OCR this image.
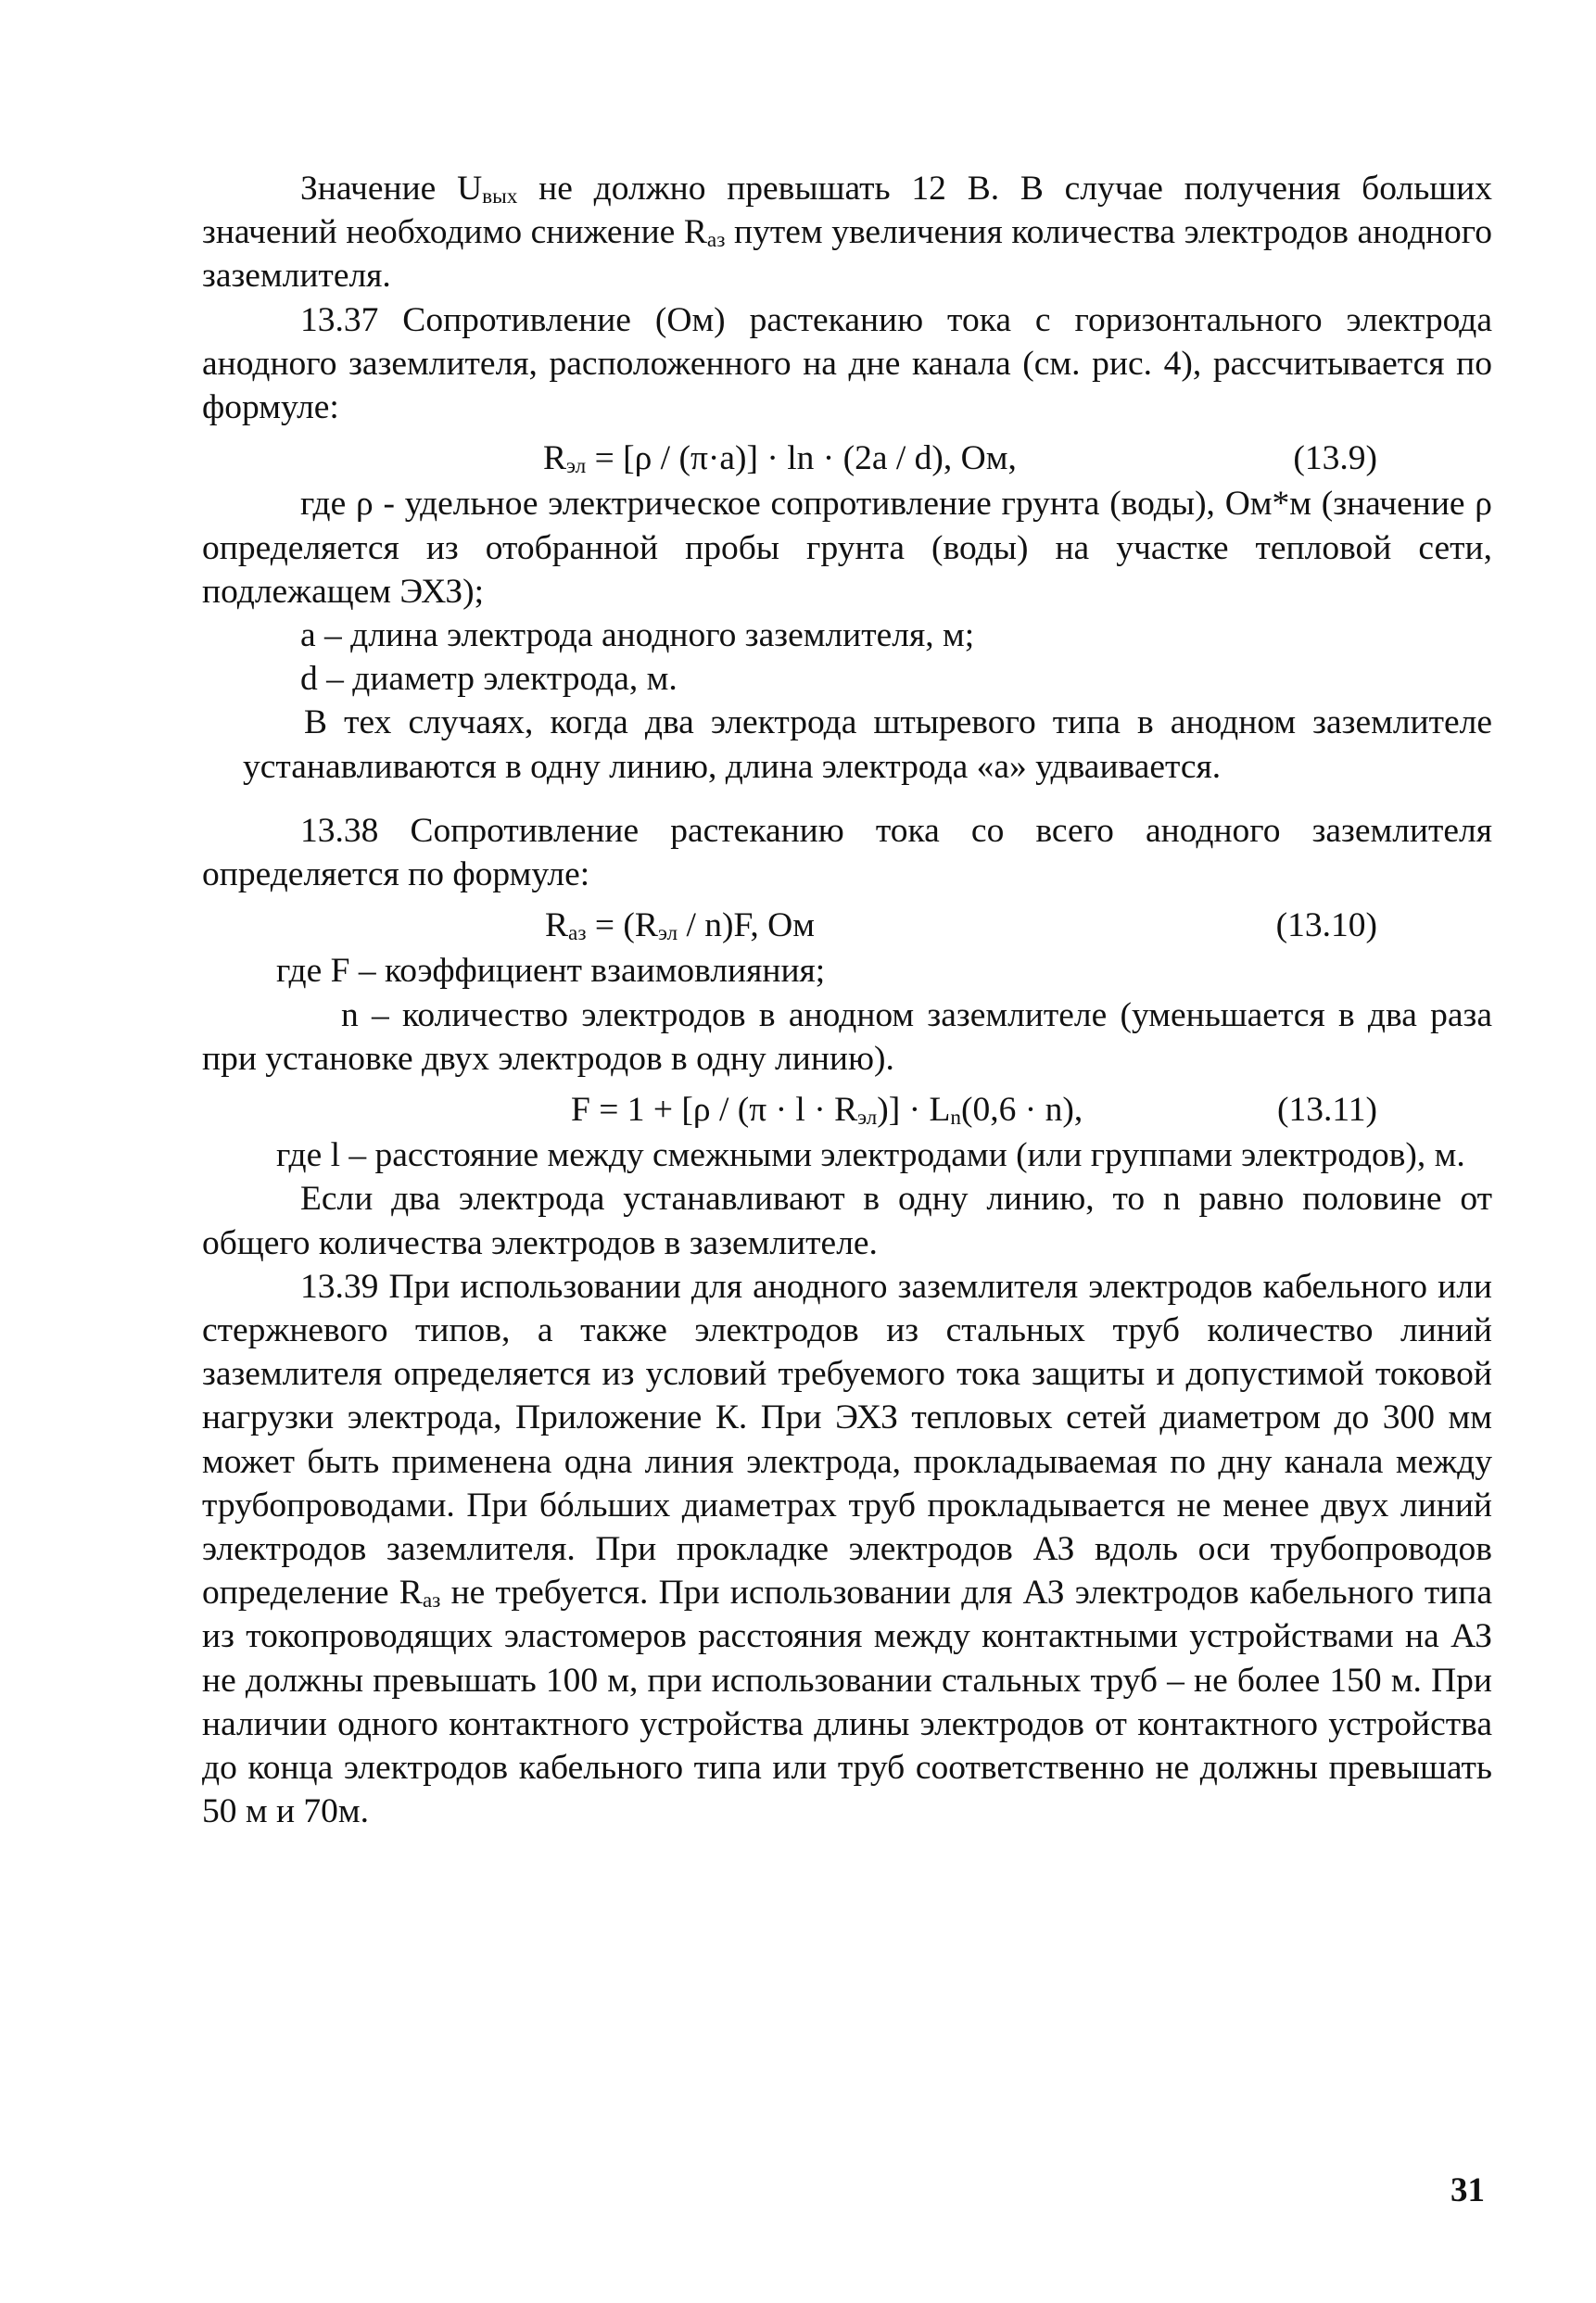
Значение Uвых не должно превышать 12 В. В случае получения больших значений необходимо снижение Rаз путем увеличения количества электродов анодного заземлителя.

13.37 Сопротивление (Ом) растеканию тока с горизонтального электрода анодного заземлителя, расположенного на дне канала (см. рис. 4), рассчитывается по формуле:

Rэл = [ρ / (π·a)] · ln · (2a / d), Ом,	(13.9)

где ρ - удельное электрическое сопротивление грунта (воды), Ом*м (значение ρ определяется из отобранной пробы грунта (воды) на участке тепловой сети, подлежащем ЭХЗ);

а – длина электрода анодного заземлителя, м;

d – диаметр электрода, м.

В тех случаях, когда два электрода штыревого типа в анодном заземлителе устанавливаются в одну линию, длина электрода «а» удваивается.

13.38 Сопротивление растеканию тока со всего анодного заземлителя определяется по формуле:

Rаз = (Rэл / n)F, Ом	(13.10)

где F – коэффициент взаимовлияния;

n – количество электродов в анодном заземлителе (уменьшается в два раза при установке двух электродов в одну линию).

F = 1 + [ρ / (π · l · Rэл)] · Ln(0,6 · n),	(13.11)

где l – расстояние между смежными электродами (или группами электродов), м.

Если два электрода устанавливают в одну линию, то n равно половине от общего количества электродов в заземлителе.

13.39 При использовании для анодного заземлителя электродов кабельного или стержневого типов, а также электродов из стальных труб количество линий заземлителя определяется из условий требуемого тока защиты и допустимой токовой нагрузки электрода, Приложение К. При ЭХЗ тепловых сетей диаметром до 300 мм может быть применена одна линия электрода, прокладываемая по дну канала между трубопроводами. При бóльших диаметрах труб прокладывается не менее двух линий электродов заземлителя. При прокладке электродов АЗ вдоль оси трубопроводов определение Rаз не требуется. При использовании для АЗ электродов кабельного типа из токопроводящих эластомеров расстояния между контактными устройствами на АЗ не должны превышать 100 м, при использовании стальных труб – не более 150 м. При наличии одного контактного устройства длины электродов от контактного устройства до конца электродов кабельного типа или труб соответственно не должны превышать 50 м и 70м.

31
